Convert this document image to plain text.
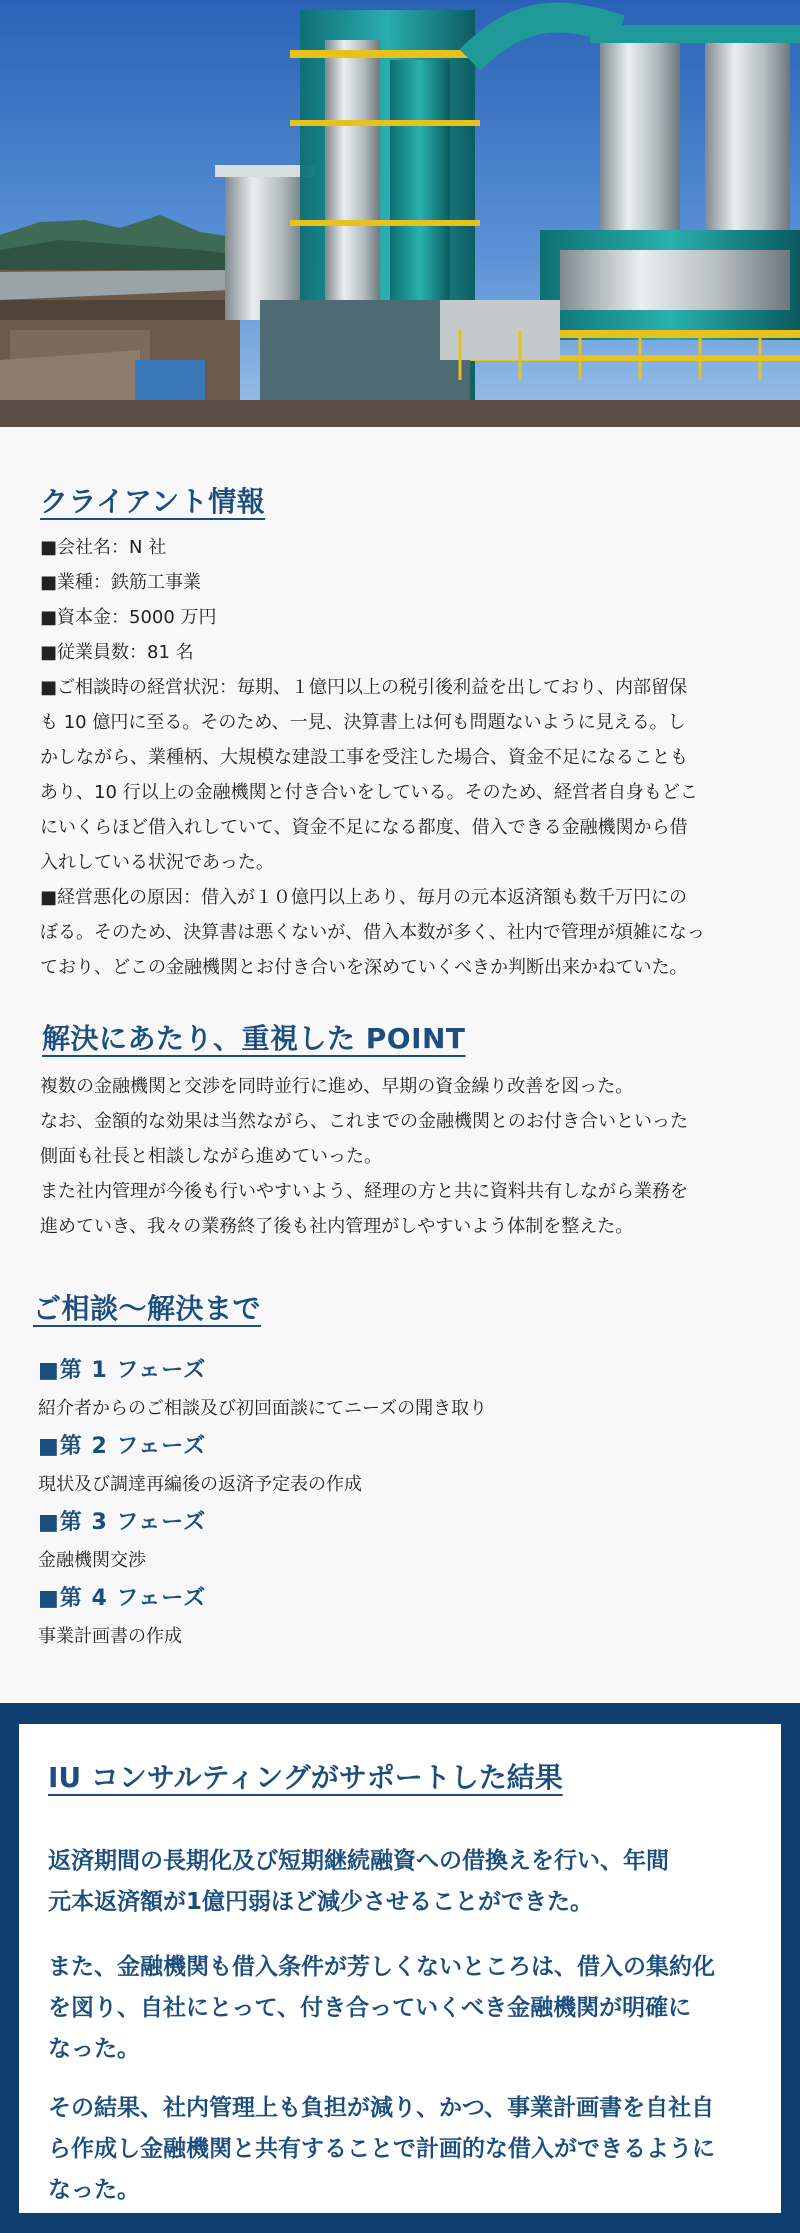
クライアント情報

■会社名：N 社

■業種：鉄筋工事業

■資本金：5000 万円

■従業員数：81 名

■ご相談時の経営状況：毎期、１億円以上の税引後利益を出しており、内部留保

も 10 億円に至る。そのため、一見、決算書上は何も問題ないように見える。し

かしながら、業種柄、大規模な建設工事を受注した場合、資金不足になることも

あり、10 行以上の金融機関と付き合いをしている。そのため、経営者自身もどこ

にいくらほど借入れしていて、資金不足になる都度、借入できる金融機関から借

入れしている状況であった。

■経営悪化の原因：借入が１０億円以上あり、毎月の元本返済額も数千万円にの

ぼる。そのため、決算書は悪くないが、借入本数が多く、社内で管理が煩雑になっ

ており、どこの金融機関とお付き合いを深めていくべきか判断出来かねていた。

解決にあたり、重視した POINT

複数の金融機関と交渉を同時並行に進め、早期の資金繰り改善を図った。

なお、金額的な効果は当然ながら、これまでの金融機関とのお付き合いといった

側面も社長と相談しながら進めていった。

また社内管理が今後も行いやすいよう、経理の方と共に資料共有しながら業務を

進めていき、我々の業務終了後も社内管理がしやすいよう体制を整えた。

ご相談～解決まで
■第 1 フェーズ
紹介者からのご相談及び初回面談にてニーズの聞き取り
■第 2 フェーズ
現状及び調達再編後の返済予定表の作成
■第 3 フェーズ
金融機関交渉
■第 4 フェーズ
事業計画書の作成
IU コンサルティングがサポートした結果

返済期間の長期化及び短期継続融資への借換えを行い、年間

元本返済額が1億円弱ほど減少させることができた。

また、金融機関も借入条件が芳しくないところは、借入の集約化

を図り、自社にとって、付き合っていくべき金融機関が明確に

なった。

その結果、社内管理上も負担が減り、かつ、事業計画書を自社自

ら作成し金融機関と共有することで計画的な借入ができるように

なった。
